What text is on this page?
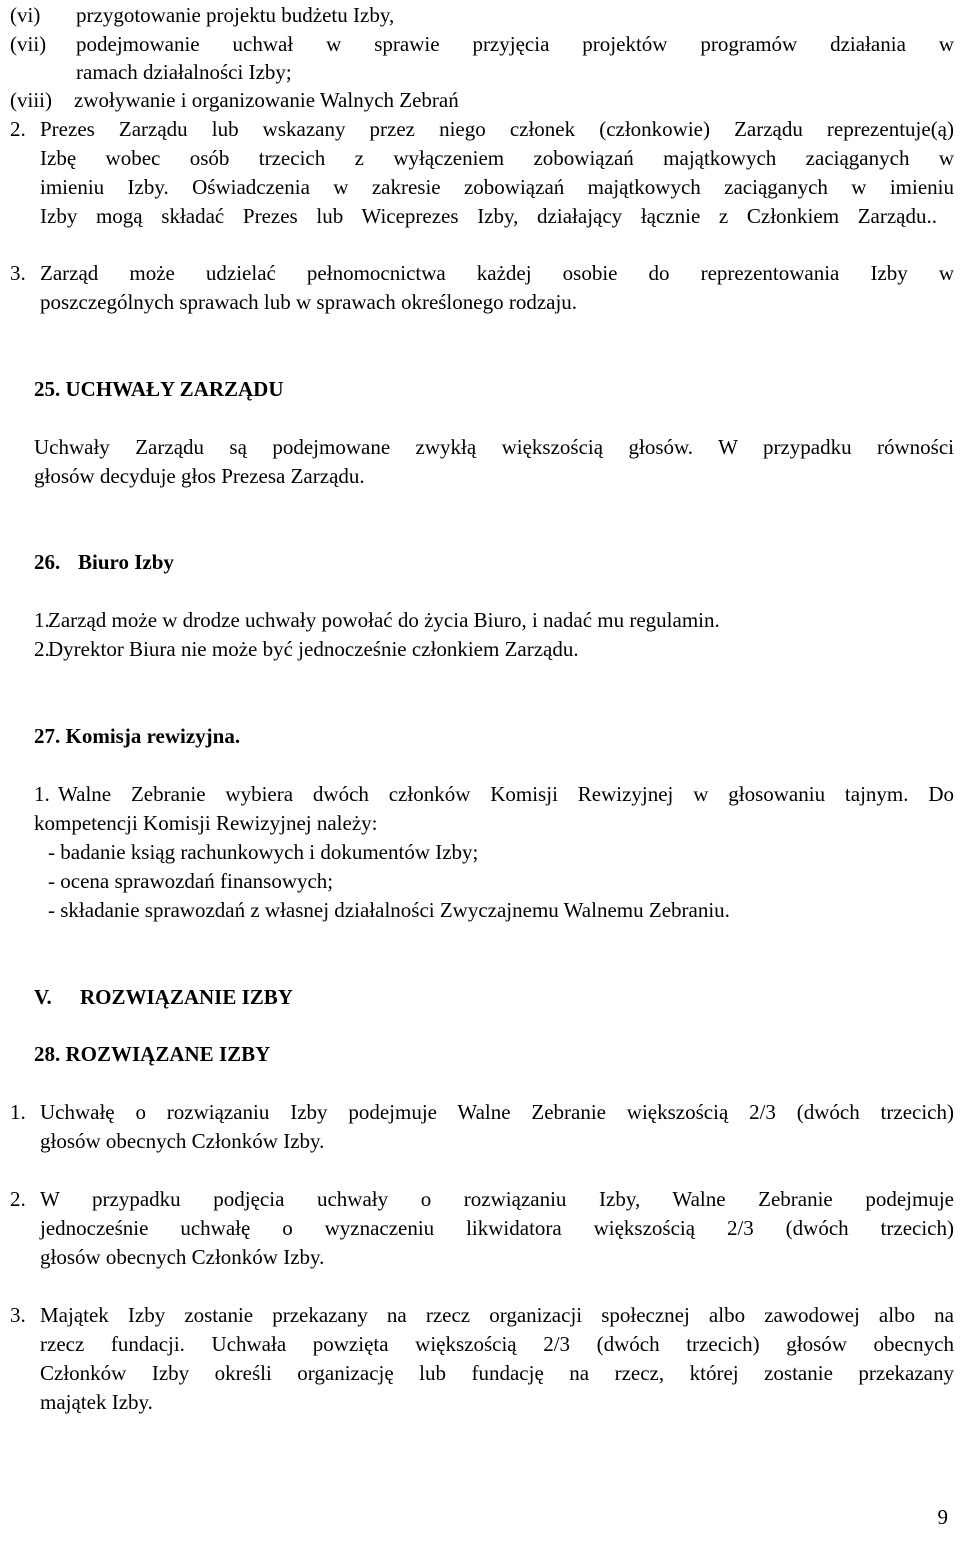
(vi) przygotowanie projektu budżetu Izby,
(vii) podejmowanie uchwał w sprawie przyjęcia projektów programów działania w
ramach działalności Izby;
(viii) zwoływanie i organizowanie Walnych Zebrań
2. Prezes Zarządu lub wskazany przez niego członek (członkowie) Zarządu reprezentuje(ą)
Izbę wobec osób trzecich z wyłączeniem zobowiązań majątkowych zaciąganych w
imieniu Izby. Oświadczenia w zakresie zobowiązań majątkowych zaciąganych w imieniu
Izby mogą składać Prezes lub Wiceprezes Izby, działający łącznie z Członkiem Zarządu..
3. Zarząd może udzielać pełnomocnictwa każdej osobie do reprezentowania Izby w
poszczególnych sprawach lub w sprawach określonego rodzaju.
25. UCHWAŁY ZARZĄDU
Uchwały Zarządu są podejmowane zwykłą większością głosów. W przypadku równości
głosów decyduje głos Prezesa Zarządu.
26. Biuro Izby
1.
Zarząd może w drodze uchwały powołać do życia Biuro, i nadać mu regulamin.
2.
Dyrektor Biura nie może być jednocześnie członkiem Zarządu.
27. Komisja rewizyjna.
1. Walne Zebranie wybiera dwóch członków Komisji Rewizyjnej w głosowaniu tajnym. Do
kompetencji Komisji Rewizyjnej należy:
- badanie ksiąg rachunkowych i dokumentów Izby;
- ocena sprawozdań finansowych;
- składanie sprawozdań z własnej działalności Zwyczajnemu Walnemu Zebraniu.
V. ROZWIĄZANIE IZBY
28. ROZWIĄZANE IZBY
1. Uchwałę o rozwiązaniu Izby podejmuje Walne Zebranie większością 2/3 (dwóch trzecich)
głosów obecnych Członków Izby.
2. W przypadku podjęcia uchwały o rozwiązaniu Izby, Walne Zebranie podejmuje
jednocześnie uchwałę o wyznaczeniu likwidatora większością 2/3 (dwóch trzecich)
głosów obecnych Członków Izby.
3. Majątek Izby zostanie przekazany na rzecz organizacji społecznej albo zawodowej albo na
rzecz fundacji. Uchwała powzięta większością 2/3 (dwóch trzecich) głosów obecnych
Członków Izby określi organizację lub fundację na rzecz, której zostanie przekazany
majątek Izby.
9
